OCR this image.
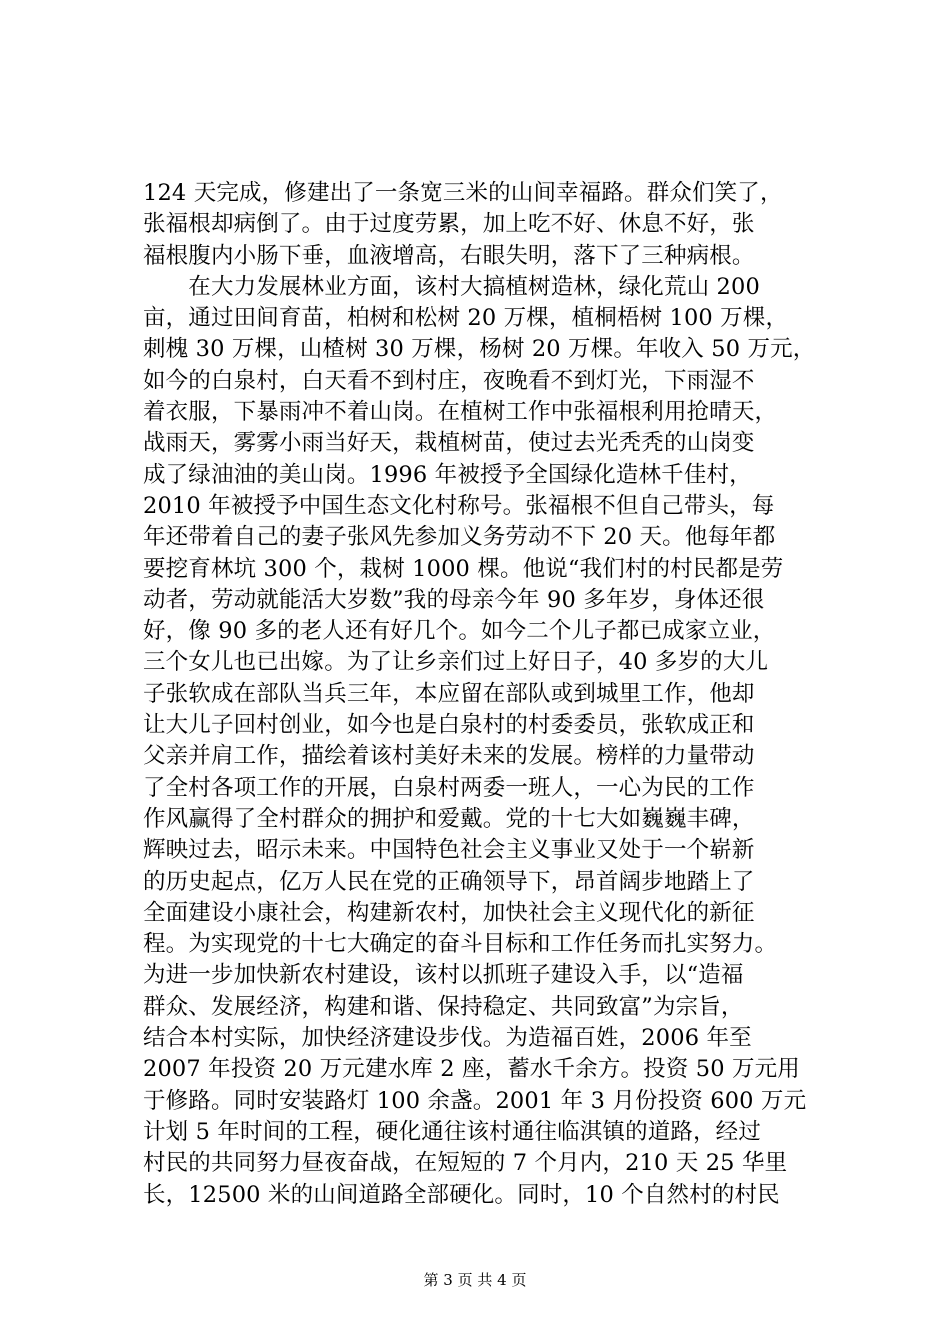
124 天完成，修建出了一条宽三米的山间幸福路。群众们笑了，
张福根却病倒了。由于过度劳累，加上吃不好、休息不好，张
福根腹内小肠下垂，血液增高，右眼失明，落下了三种病根。
　　在大力发展林业方面，该村大搞植树造林，绿化荒山 200
亩，通过田间育苗，柏树和松树 20 万棵，植桐梧树 100 万棵，
刺槐 30 万棵，山楂树 30 万棵，杨树 20 万棵。年收入 50 万元，
如今的白泉村，白天看不到村庄，夜晚看不到灯光，下雨湿不
着衣服，下暴雨冲不着山岗。在植树工作中张福根利用抢晴天，
战雨天，雾雾小雨当好天，栽植树苗，使过去光秃秃的山岗变
成了绿油油的美山岗。1996 年被授予全国绿化造林千佳村，
2010 年被授予中国生态文化村称号。张福根不但自己带头，每
年还带着自己的妻子张风先参加义务劳动不下 20 天。他每年都
要挖育林坑 300 个，栽树 1000 棵。他说“我们村的村民都是劳
动者，劳动就能活大岁数”我的母亲今年 90 多年岁，身体还很
好，像 90 多的老人还有好几个。如今二个儿子都已成家立业，
三个女儿也已出嫁。为了让乡亲们过上好日子，40 多岁的大儿
子张软成在部队当兵三年，本应留在部队或到城里工作，他却
让大儿子回村创业，如今也是白泉村的村委委员，张软成正和
父亲并肩工作，描绘着该村美好未来的发展。榜样的力量带动
了全村各项工作的开展，白泉村两委一班人，一心为民的工作
作风赢得了全村群众的拥护和爱戴。党的十七大如巍巍丰碑，
辉映过去，昭示未来。中国特色社会主义事业又处于一个崭新
的历史起点，亿万人民在党的正确领导下，昂首阔步地踏上了
全面建设小康社会，构建新农村，加快社会主义现代化的新征
程。为实现党的十七大确定的奋斗目标和工作任务而扎实努力。
为进一步加快新农村建设，该村以抓班子建设入手，以“造福
群众、发展经济，构建和谐、保持稳定、共同致富”为宗旨，
结合本村实际，加快经济建设步伐。为造福百姓，2006 年至
2007 年投资 20 万元建水库 2 座，蓄水千余方。投资 50 万元用
于修路。同时安装路灯 100 余盏。2001 年 3 月份投资 600 万元
计划 5 年时间的工程，硬化通往该村通往临淇镇的道路，经过
村民的共同努力昼夜奋战，在短短的 7 个月内，210 天 25 华里
长，12500 米的山间道路全部硬化。同时，10 个自然村的村民
第 3 页 共 4 页
